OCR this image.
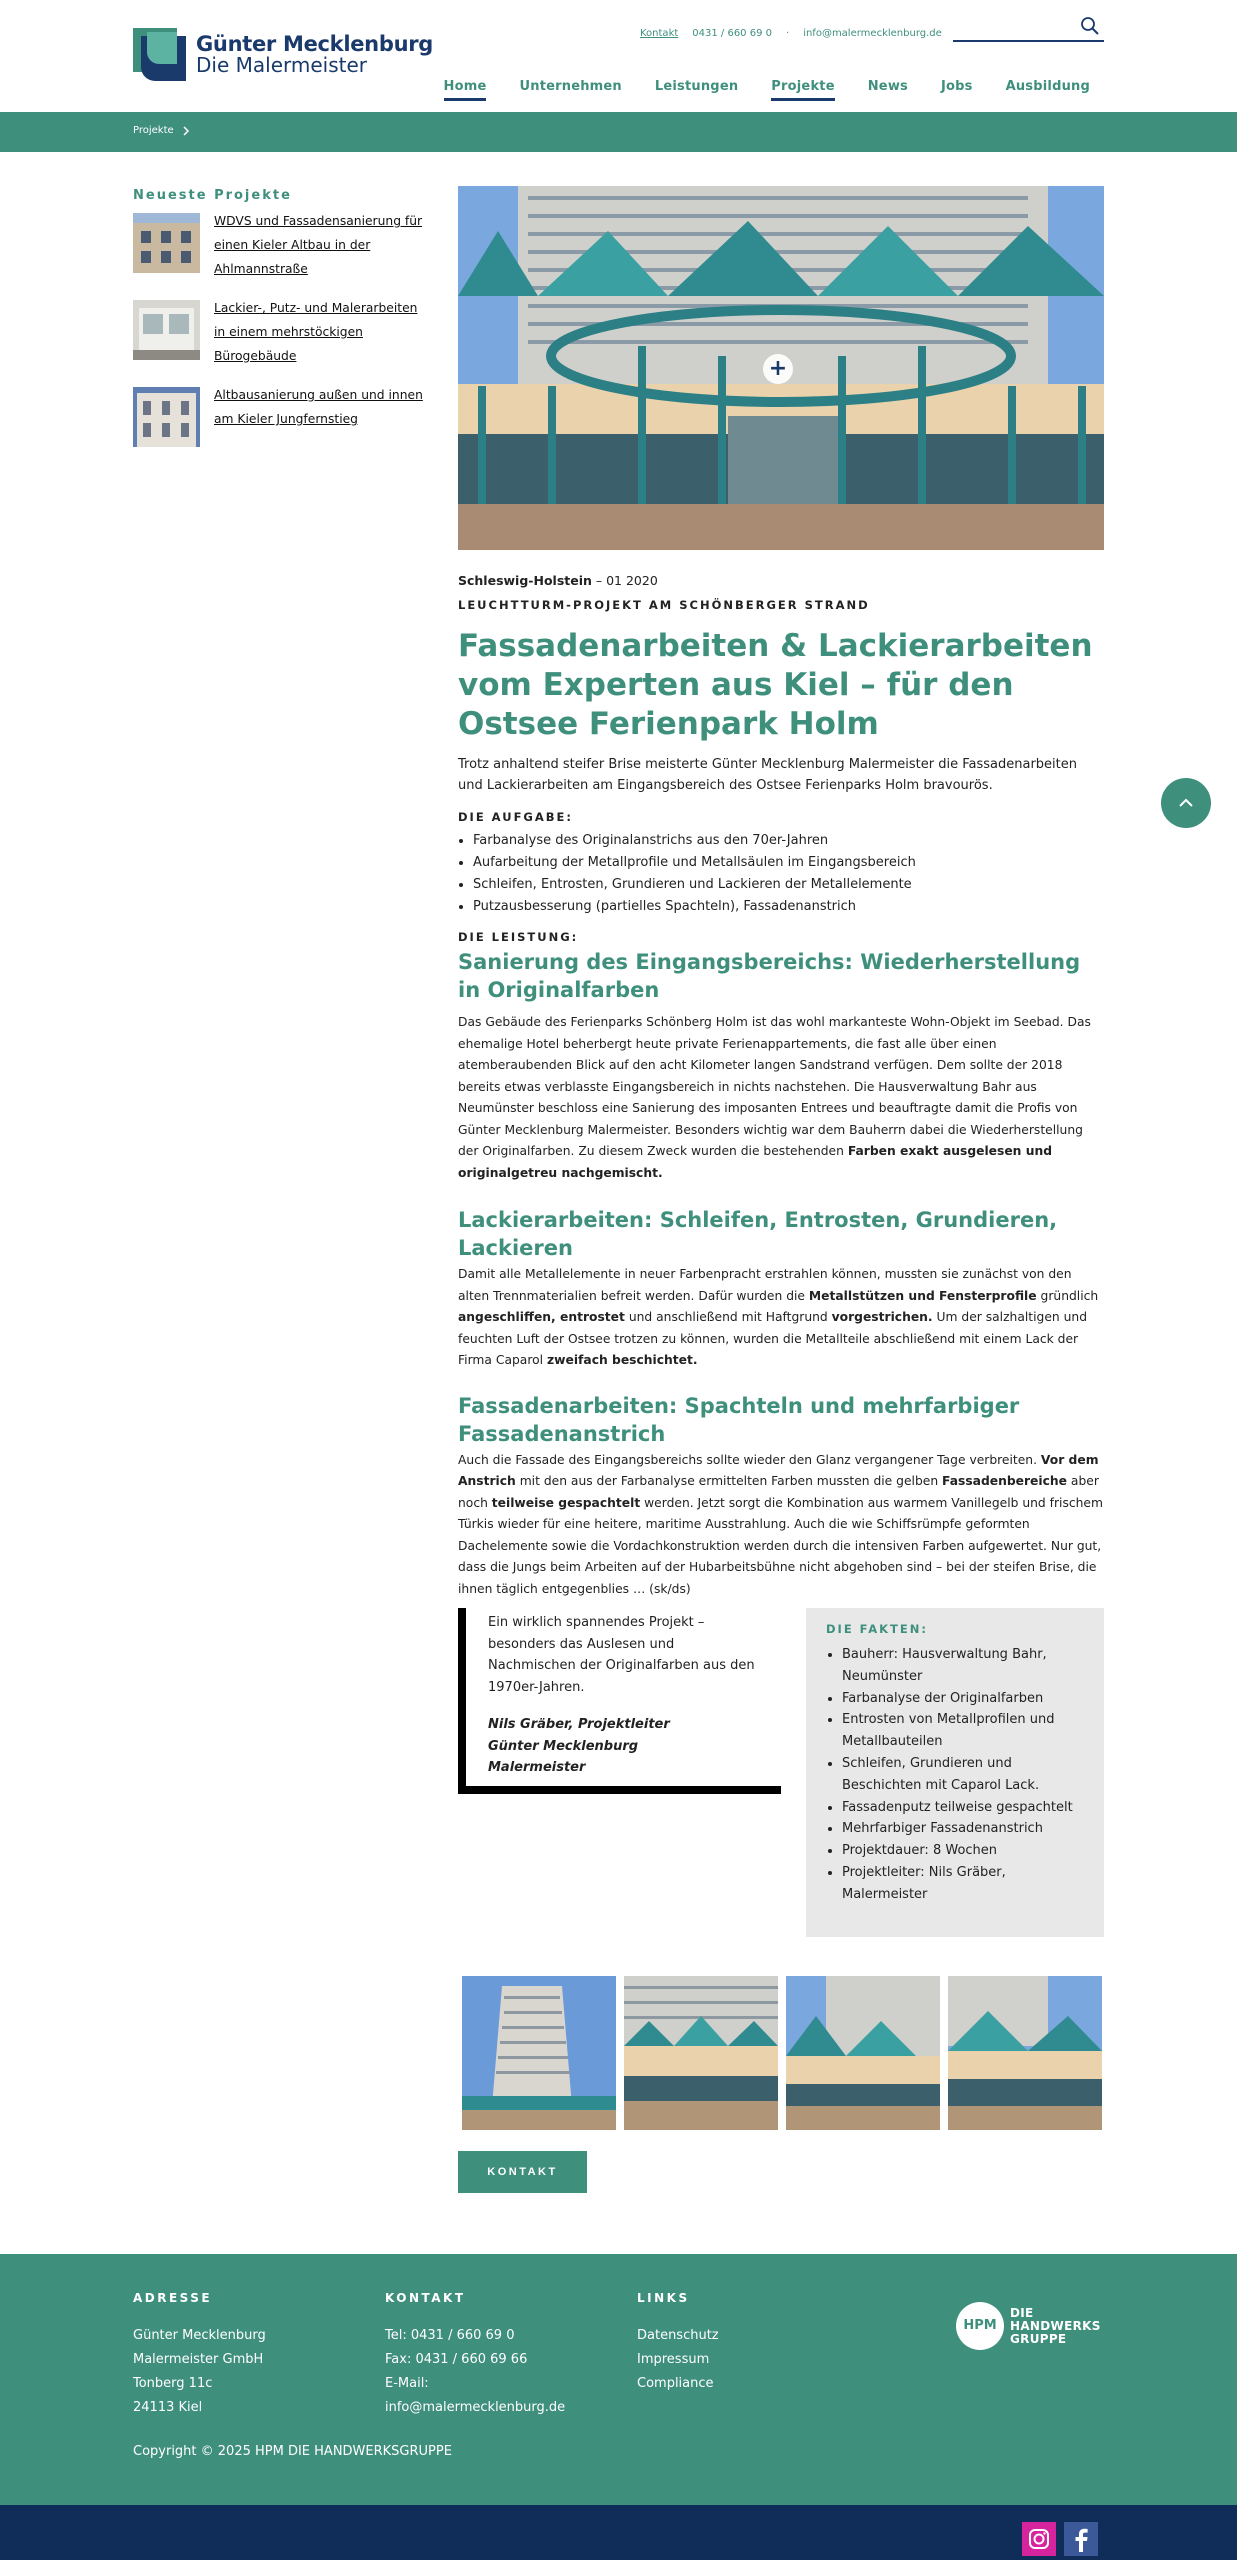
Günter Mecklenburg
Die Malermeister
Kontakt 0431 / 660 69 0 · info@malermecklenburg.de
Home	Unternehmen	Leistungen	Projekte	News	Jobs	Ausbildung
Projekte
Neueste Projekte
WDVS und Fassadensanierung für einen Kieler Altbau in der Ahlmannstraße
Lackier-, Putz- und Malerarbeiten in einem mehrstöckigen Bürogebäude
Altbausanierung außen und innen am Kieler Jungfernstieg
+
Schleswig-Holstein – 01 2020
LEUCHTTURM-PROJEKT AM SCHÖNBERGER STRAND
Fassadenarbeiten & Lackierarbeiten vom Experten aus Kiel – für den Ostsee Ferienpark Holm

Trotz anhaltend steifer Brise meisterte Günter Mecklenburg Malermeister die Fassadenarbeiten und Lackierarbeiten am Eingangsbereich des Ostsee Ferienparks Holm bravourös.

DIE AUFGABE:
• Farbanalyse des Originalanstrichs aus den 70er-Jahren
• Aufarbeitung der Metallprofile und Metallsäulen im Eingangsbereich
• Schleifen, Entrosten, Grundieren und Lackieren der Metallelemente
• Putzausbesserung (partielles Spachteln), Fassadenanstrich
DIE LEISTUNG:
Sanierung des Eingangsbereichs: Wiederherstellung in Originalfarben

Das Gebäude des Ferienparks Schönberg Holm ist das wohl markanteste Wohn-Objekt im Seebad. Das ehemalige Hotel beherbergt heute private Ferienappartements, die fast alle über einen atemberaubenden Blick auf den acht Kilometer langen Sandstrand verfügen. Dem sollte der 2018 bereits etwas verblasste Eingangsbereich in nichts nachstehen. Die Hausverwaltung Bahr aus Neumünster beschloss eine Sanierung des imposanten Entrees und beauftragte damit die Profis von Günter Mecklenburg Malermeister. Besonders wichtig war dem Bauherrn dabei die Wiederherstellung der Originalfarben. Zu diesem Zweck wurden die bestehenden Farben exakt ausgelesen und originalgetreu nachgemischt.

Lackierarbeiten: Schleifen, Entrosten, Grundieren, Lackieren

Damit alle Metallelemente in neuer Farbenpracht erstrahlen können, mussten sie zunächst von den alten Trennmaterialien befreit werden. Dafür wurden die Metallstützen und Fensterprofile gründlich angeschliffen, entrostet und anschließend mit Haftgrund vorgestrichen. Um der salzhaltigen und feuchten Luft der Ostsee trotzen zu können, wurden die Metallteile abschließend mit einem Lack der Firma Caparol zweifach beschichtet.

Fassadenarbeiten: Spachteln und mehrfarbiger Fassadenanstrich

Auch die Fassade des Eingangsbereichs sollte wieder den Glanz vergangener Tage verbreiten. Vor dem Anstrich mit den aus der Farbanalyse ermittelten Farben mussten die gelben Fassadenbereiche aber noch teilweise gespachtelt werden. Jetzt sorgt die Kombination aus warmem Vanillegelb und frischem Türkis wieder für eine heitere, maritime Ausstrahlung. Auch die wie Schiffsrümpfe geformten Dachelemente sowie die Vordachkonstruktion werden durch die intensiven Farben aufgewertet. Nur gut, dass die Jungs beim Arbeiten auf der Hubarbeitsbühne nicht abgehoben sind – bei der steifen Brise, die ihnen täglich entgegenblies … (sk/ds)

Ein wirklich spannendes Projekt – besonders das Auslesen und Nachmischen der Originalfarben aus den 1970er-Jahren.

Nils Gräber, Projektleiter
Günter Mecklenburg
Malermeister

DIE FAKTEN:
• Bauherr: Hausverwaltung Bahr, Neumünster
• Farbanalyse der Originalfarben
• Entrosten von Metallprofilen und Metallbauteilen
• Schleifen, Grundieren und Beschichten mit Caparol Lack.
• Fassadenputz teilweise gespachtelt
• Mehrfarbiger Fassadenanstrich
• Projektdauer: 8 Wochen
• Projektleiter: Nils Gräber, Malermeister
KONTAKT
ADRESSE
Günter Mecklenburg
Malermeister GmbH
Tonberg 11c
24113 Kiel
KONTAKT
Tel: 0431 / 660 69 0
Fax: 0431 / 660 69 66
E-Mail:
info@malermecklenburg.de
LINKS
Datenschutz
Impressum
Compliance
HPM
DIE
HANDWERKS
GRUPPE
Copyright © 2025 HPM DIE HANDWERKSGRUPPE
